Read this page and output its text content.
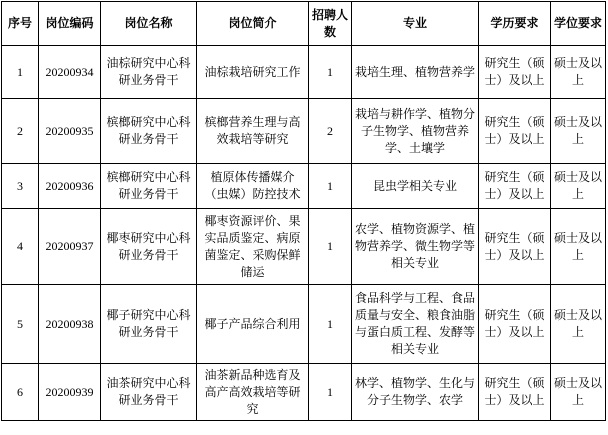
序号	岗位编码	岗位名称	岗位简介	招聘人数	专业	学历要求	学位要求
1	20200934	油棕研究中心科研业务骨干	油棕栽培研究工作	1	栽培生理、植物营养学	研究生（硕士）及以上	硕士及以上
2	20200935	槟榔研究中心科研业务骨干	槟榔营养生理与高效栽培等研究	2	栽培与耕作学、植物分子生物学、植物营养学、土壤学	研究生（硕士）及以上	硕士及以上
3	20200936	槟榔研究中心科研业务骨干	植原体传播媒介（虫媒）防控技术	1	昆虫学相关专业	研究生（硕士）及以上	硕士及以上
4	20200937	椰枣研究中心科研业务骨干	椰枣资源评价、果实品质鉴定、病原菌鉴定、采购保鲜储运	1	农学、植物资源学、植物营养学、微生物学等相关专业	研究生（硕士）及以上	硕士及以上
5	20200938	椰子研究中心科研业务骨干	椰子产品综合利用	1	食品科学与工程、食品质量与安全、粮食油脂与蛋白质工程、发酵等相关专业	研究生（硕士）及以上	硕士及以上
6	20200939	油茶研究中心科研业务骨干	油茶新品种选育及高产高效栽培等研究	1	林学、植物学、生化与分子生物学、农学	研究生（硕士）及以上	硕士及以上
